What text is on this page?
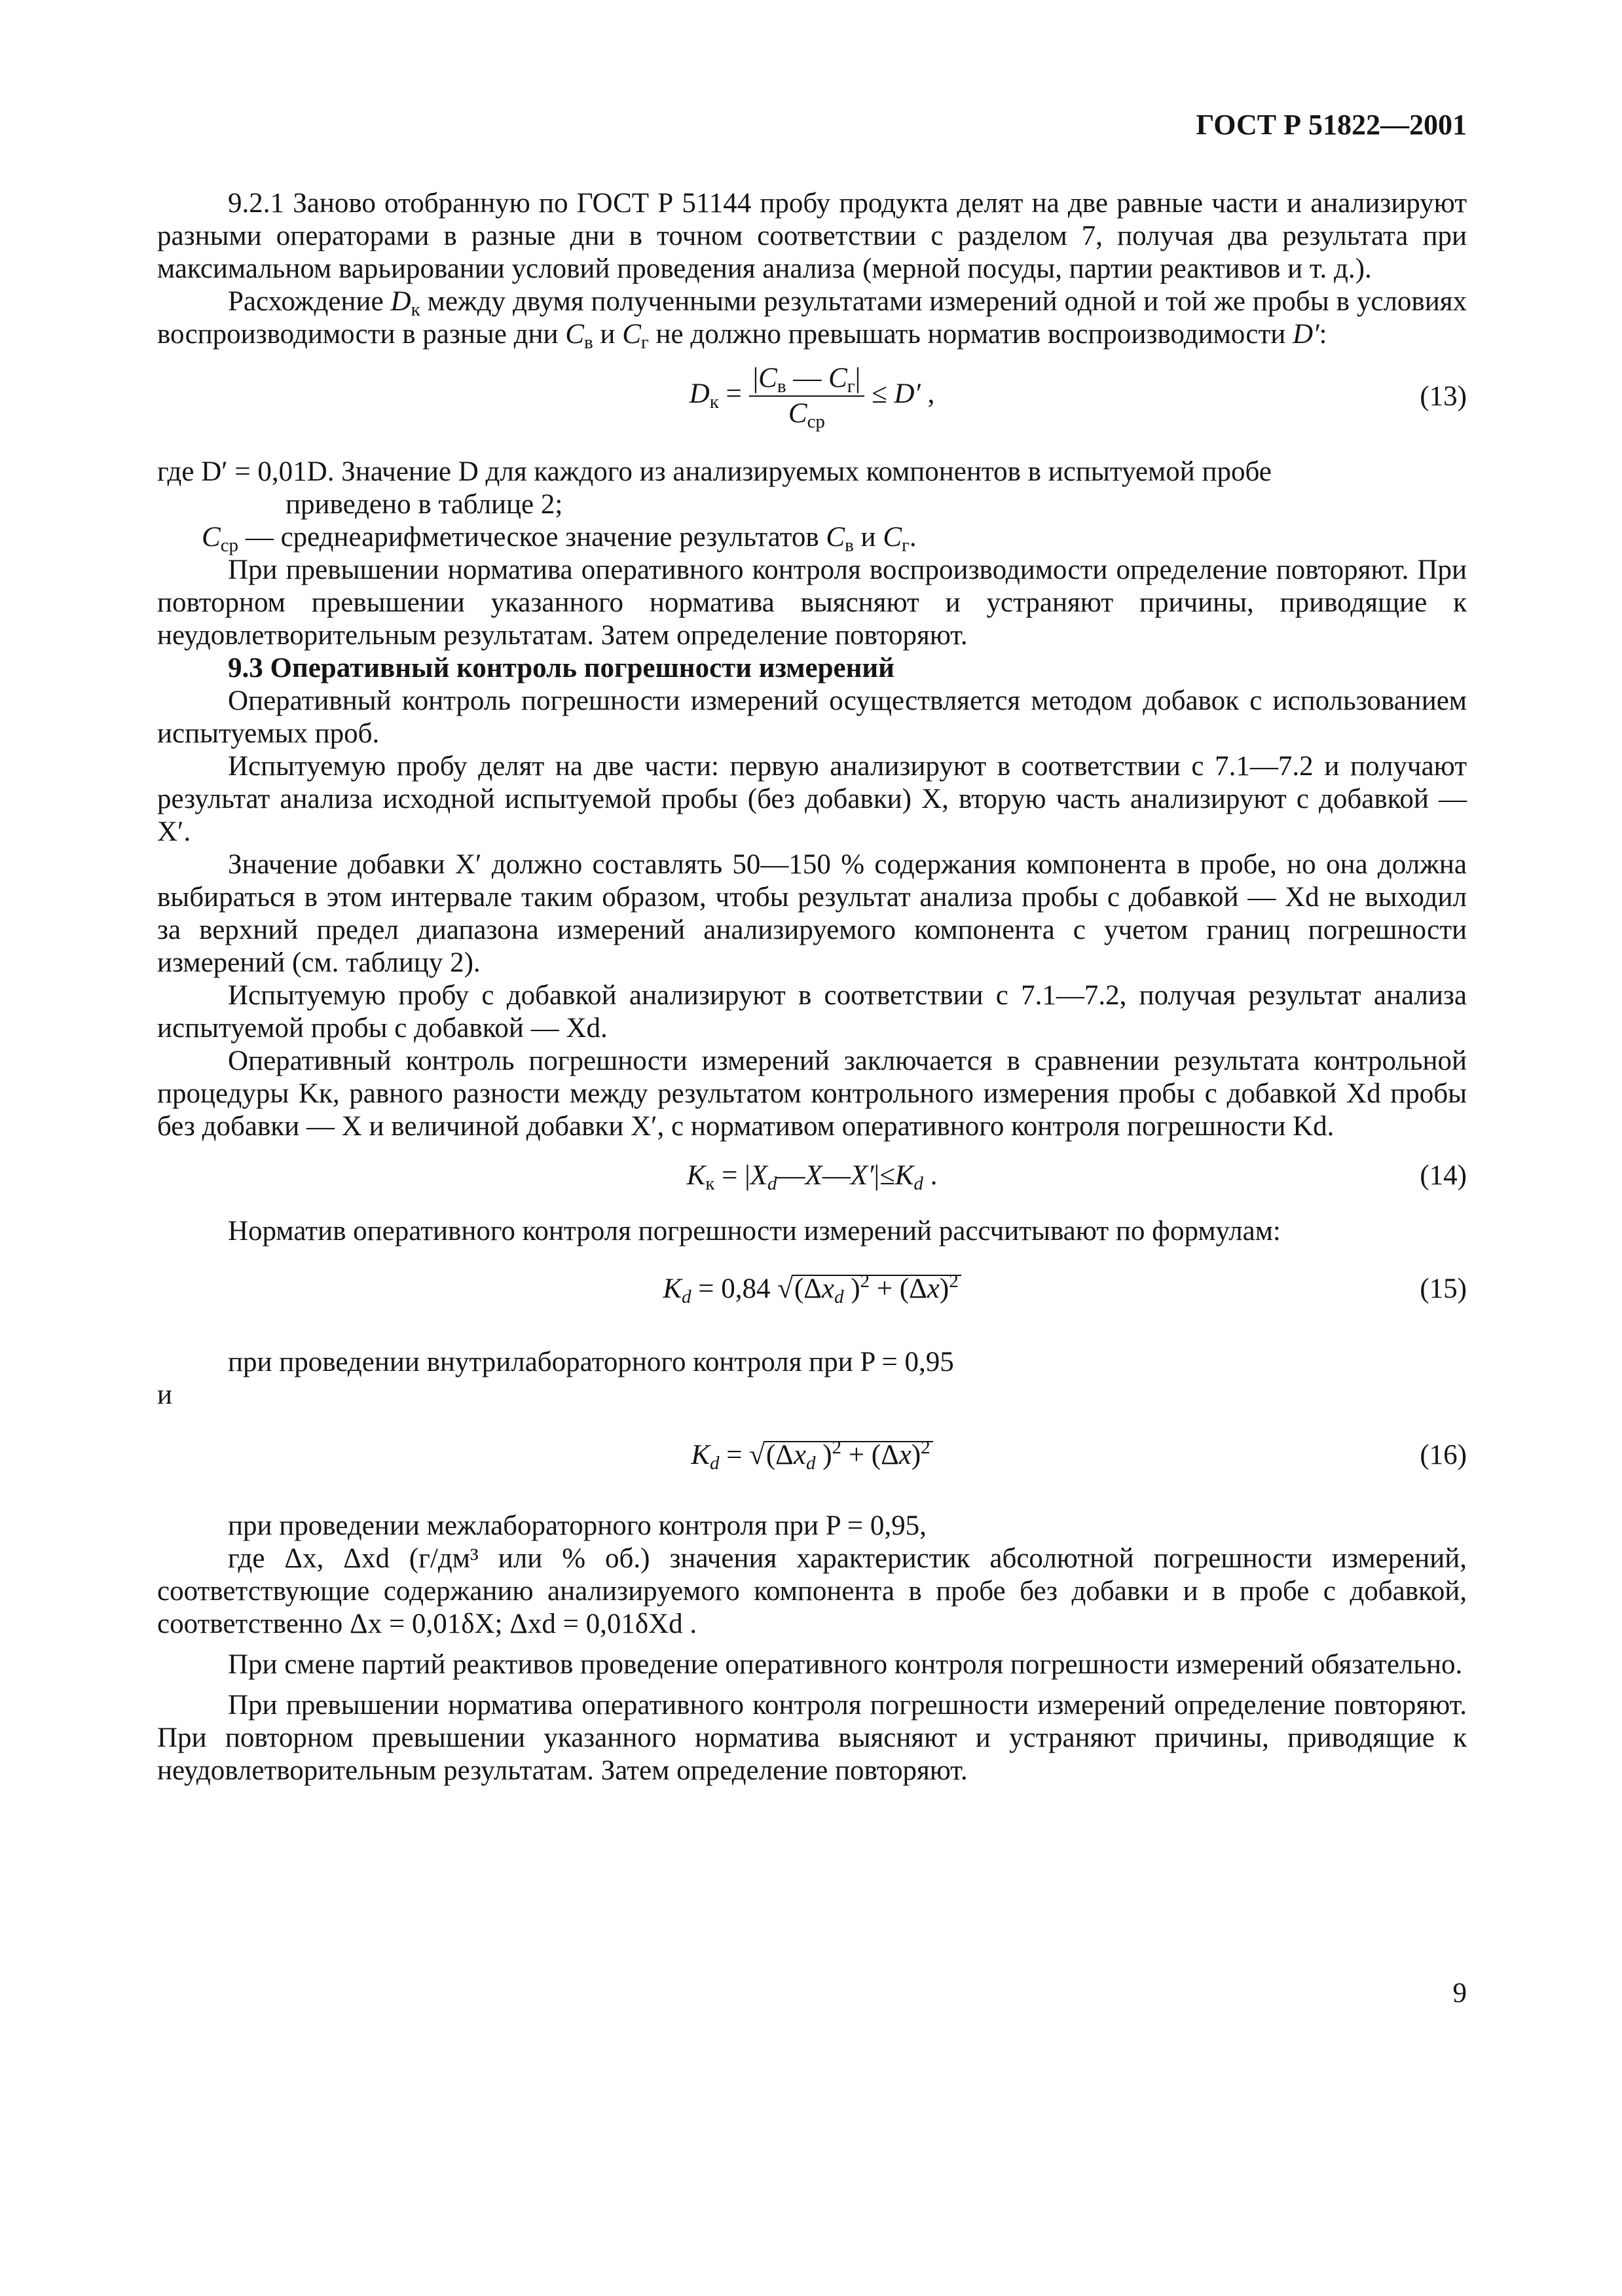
ГОСТ Р 51822—2001

9.2.1 Заново отобранную по ГОСТ Р 51144 пробу продукта делят на две равные части и анализируют разными операторами в разные дни в точном соответствии с разделом 7, получая два результата при максимальном варьировании условий проведения анализа (мерной посуды, партии реактивов и т. д.).

Расхождение $D_к$ между двумя полученными результатами измерений одной и той же пробы в условиях воспроизводимости в разные дни $C_в$ и $C_г$ не должно превышать норматив воспроизводимости D′:

$D_к = \frac{|C_в — C_г|}{C_{ср}} \le D'$ ,	(13)
где D′ = 0,01D. Значение D для каждого из анализируемых компонентов в испытуемой пробе
приведено в таблице 2;
$C_{ср}$ — среднеарифметическое значение результатов $C_в$ и $C_г$.

При превышении норматива оперативного контроля воспроизводимости определение повторяют. При повторном превышении указанного норматива выясняют и устраняют причины, приводящие к неудовлетворительным результатам. Затем определение повторяют.

9.3 Оперативный контроль погрешности измерений

Оперативный контроль погрешности измерений осуществляется методом добавок с использованием испытуемых проб.

Испытуемую пробу делят на две части: первую анализируют в соответствии с 7.1—7.2 и получают результат анализа исходной испытуемой пробы (без добавки) X, вторую часть анализируют с добавкой — X′.

Значение добавки X′ должно составлять 50—150 % содержания компонента в пробе, но она должна выбираться в этом интервале таким образом, чтобы результат анализа пробы с добавкой — Xd не выходил за верхний предел диапазона измерений анализируемого компонента с учетом границ погрешности измерений (см. таблицу 2).

Испытуемую пробу с добавкой анализируют в соответствии с 7.1—7.2, получая результат анализа испытуемой пробы с добавкой — Xd.

Оперативный контроль погрешности измерений заключается в сравнении результата контрольной процедуры Kк, равного разности между результатом контрольного измерения пробы с добавкой Xd пробы без добавки — X и величиной добавки X′, с нормативом оперативного контроля погрешности Kd.

$K_к$ = $|X_d—X—X'|\le K_d$ .	(14)

Норматив оперативного контроля погрешности измерений рассчитывают по формулам:

$K_d = 0,84$ $√(\Delta x_d$ )$^2 + (\Delta x)^2$	(15)

при проведении внутрилабораторного контроля при P = 0,95

и

$K_d = √(\Delta x_d$ )$^2 + (\Delta x)^2$	(16)

при проведении межлабораторного контроля при P = 0,95,

где Δx, Δxd (г/дм³ или % об.) значения характеристик абсолютной погрешности измерений, соответствующие содержанию анализируемого компонента в пробе без добавки и в пробе с добавкой, соответственно Δx = 0,01δX; Δxd = 0,01δXd .

При смене партий реактивов проведение оперативного контроля погрешности измерений обязательно.

При превышении норматива оперативного контроля погрешности измерений определение повторяют. При повторном превышении указанного норматива выясняют и устраняют причины, приводящие к неудовлетворительным результатам. Затем определение повторяют.

9
